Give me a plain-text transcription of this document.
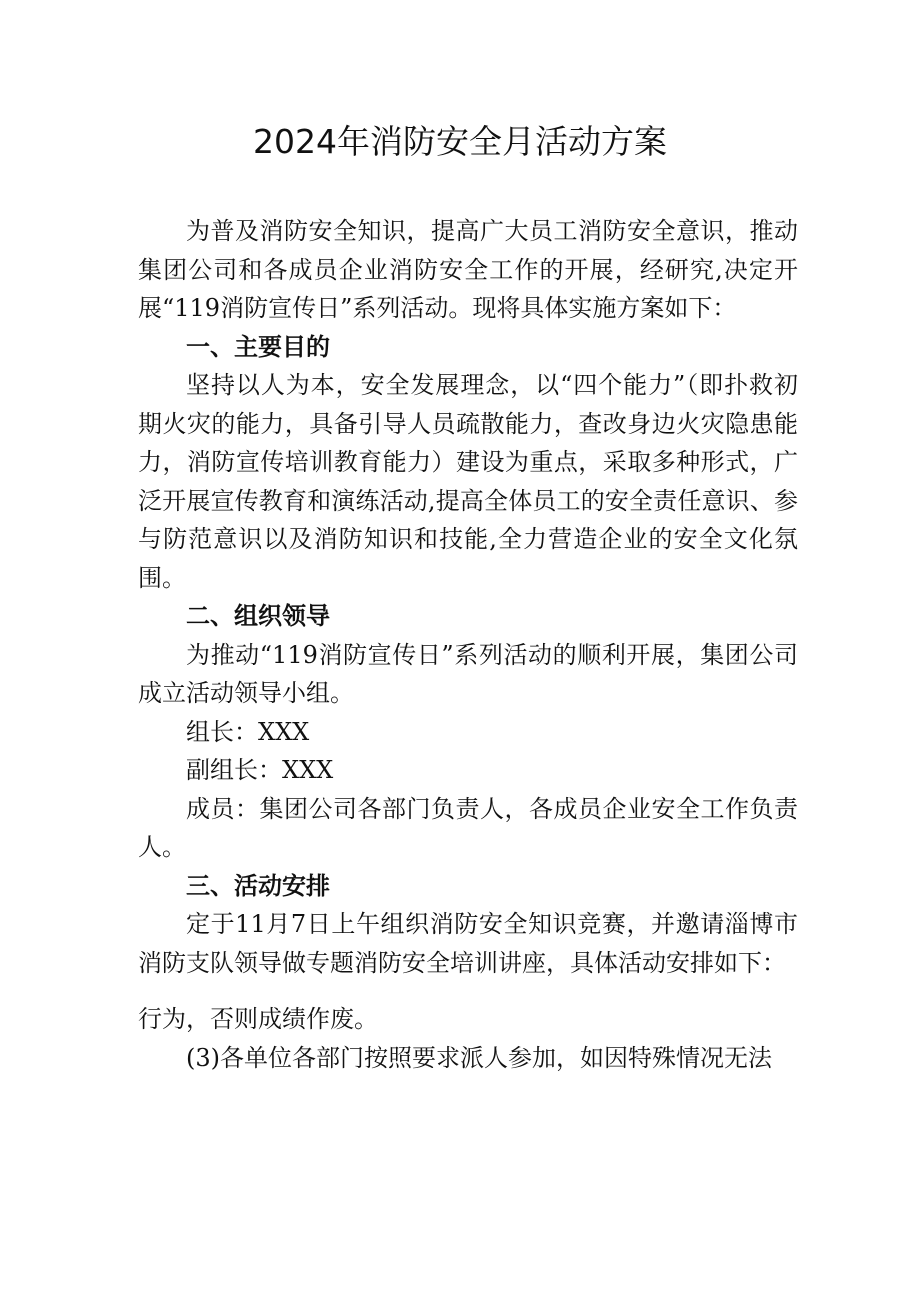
2024年消防安全月活动方案

为普及消防安全知识，提高广大员工消防安全意识，推动集团公司和各成员企业消防安全工作的开展，经研究,决定开展“119消防宣传日”系列活动。现将具体实施方案如下：

一、主要目的

坚持以人为本，安全发展理念，以“四个能力”（即扑救初期火灾的能力，具备引导人员疏散能力，查改身边火灾隐患能力，消防宣传培训教育能力）建设为重点，采取多种形式，广泛开展宣传教育和演练活动,提高全体员工的安全责任意识、参与防范意识以及消防知识和技能,全力营造企业的安全文化氛围。

二、组织领导

为推动“119消防宣传日”系列活动的顺利开展，集团公司成立活动领导小组。

组长：XXX

副组长：XXX

成员：集团公司各部门负责人，各成员企业安全工作负责人。

三、活动安排

定于11月7日上午组织消防安全知识竞赛，并邀请淄博市消防支队领导做专题消防安全培训讲座，具体活动安排如下：

行为，否则成绩作废。

(3)各单位各部门按照要求派人参加，如因特殊情况无法
